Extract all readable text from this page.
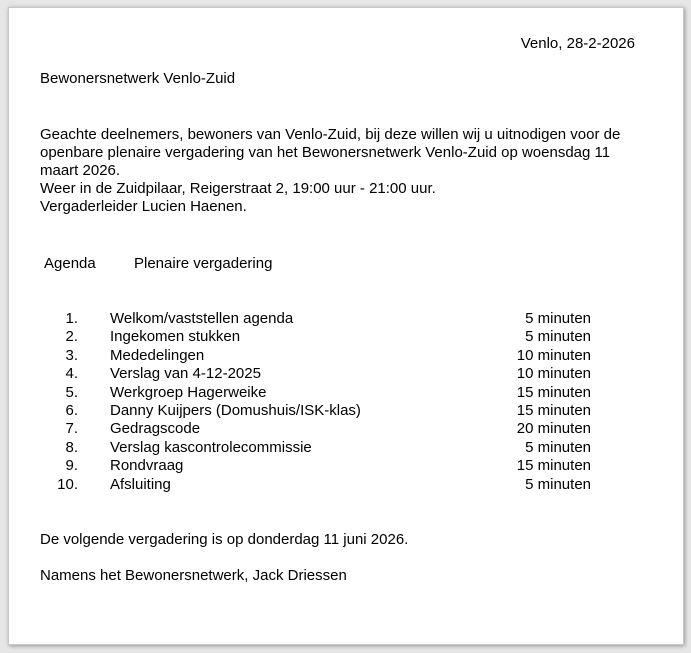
Venlo, 28-2-2026
Bewonersnetwerk Venlo-Zuid

Geachte deelnemers, bewoners van Venlo-Zuid, bij deze willen wij u uitnodigen voor de openbare plenaire vergadering van het Bewonersnetwerk Venlo-Zuid op woensdag 11 maart 2026.

Weer in de Zuidpilaar, Reigerstraat 2, 19:00 uur - 21:00 uur.

Vergaderleider Lucien Haenen.

Agenda	Plenaire vergadering
1. Welkom/vaststellen agenda	5 minuten
2. Ingekomen stukken	5 minuten
3. Mededelingen	10 minuten
4. Verslag van 4-12-2025	10 minuten
5. Werkgroep Hagerweike	15 minuten
6. Danny Kuijpers (Domushuis/ISK-klas)	15 minuten
7. Gedragscode	20 minuten
8. Verslag kascontrolecommissie	5 minuten
9. Rondvraag	15 minuten
10. Afsluiting	5 minuten
De volgende vergadering is op donderdag 11 juni 2026.
Namens het Bewonersnetwerk, Jack Driessen
